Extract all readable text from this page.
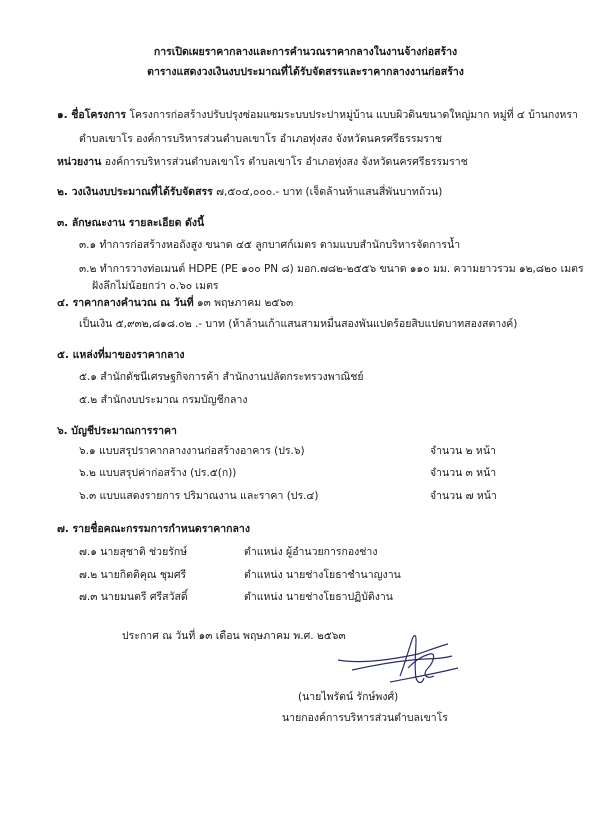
การเปิดเผยราคากลางและการคำนวณราคากลางในงานจ้างก่อสร้าง
ตารางแสดงวงเงินงบประมาณที่ได้รับจัดสรรและราคากลางงานก่อสร้าง
๑. ชื่อโครงการ โครงการก่อสร้างปรับปรุงซ่อมแซมระบบประปาหมู่บ้าน แบบผิวดินขนาดใหญ่มาก หมู่ที่ ๔ บ้านกงหรา
ตำบลเขาโร องค์การบริหารส่วนตำบลเขาโร อำเภอทุ่งสง จังหวัดนครศรีธรรมราช
หน่วยงาน องค์การบริหารส่วนตำบลเขาโร ตำบลเขาโร อำเภอทุ่งสง จังหวัดนครศรีธรรมราช
๒. วงเงินงบประมาณที่ได้รับจัดสรร ๗,๕๐๔,๐๐๐.- บาท (เจ็ดล้านห้าแสนสี่พันบาทถ้วน)
๓. ลักษณะงาน รายละเอียด ดังนี้
๓.๑ ทำการก่อสร้างหอถังสูง ขนาด ๔๕ ลูกบาศก์เมตร ตามแบบสำนักบริหารจัดการน้ำ
๓.๒ ทำการวางท่อเมนต์ HDPE (PE ๑๐๐ PN ๘) มอก.๗๘๒-๒๕๕๖ ขนาด ๑๑๐ มม. ความยาวรวม ๑๒,๘๒๐ เมตร
ฝังลึกไม่น้อยกว่า ๐.๖๐ เมตร
๔. ราคากลางคำนวณ ณ วันที่ ๑๓ พฤษภาคม ๒๕๖๓
เป็นเงิน ๕,๙๓๒,๘๑๘.๐๒ .- บาท (ห้าล้านเก้าแสนสามหมื่นสองพันแปดร้อยสิบแปดบาทสองสตางค์)
๕. แหล่งที่มาของราคากลาง
๕.๑ สำนักดัชนีเศรษฐกิจการค้า สำนักงานปลัดกระทรวงพาณิชย์
๕.๒ สำนักงบประมาณ กรมบัญชีกลาง
๖. บัญชีประมาณการราคา
๖.๑ แบบสรุปราคากลางงานก่อสร้างอาคาร (ปร.๖)	จำนวน ๒ หน้า
๖.๒ แบบสรุปค่าก่อสร้าง (ปร.๕(ก))	จำนวน ๓ หน้า
๖.๓ แบบแสดงรายการ ปริมาณงาน และราคา (ปร.๔)	จำนวน ๗ หน้า
๗. รายชื่อคณะกรรมการกำหนดราคากลาง
๗.๑ นายสุชาติ ช่วยรักษ์	ตำแหน่ง ผู้อำนวยการกองช่าง
๗.๒ นายกิตติคุณ ชุมศรี	ตำแหน่ง นายช่างโยธาชำนาญงาน
๗.๓ นายมนตรี ศรีสวัสดิ์	ตำแหน่ง นายช่างโยธาปฏิบัติงาน
ประกาศ ณ วันที่ ๑๓ เดือน พฤษภาคม พ.ศ. ๒๕๖๓
(นายไพรัตน์ รักษ์พงศ์)
นายกองค์การบริหารส่วนตำบลเขาโร
